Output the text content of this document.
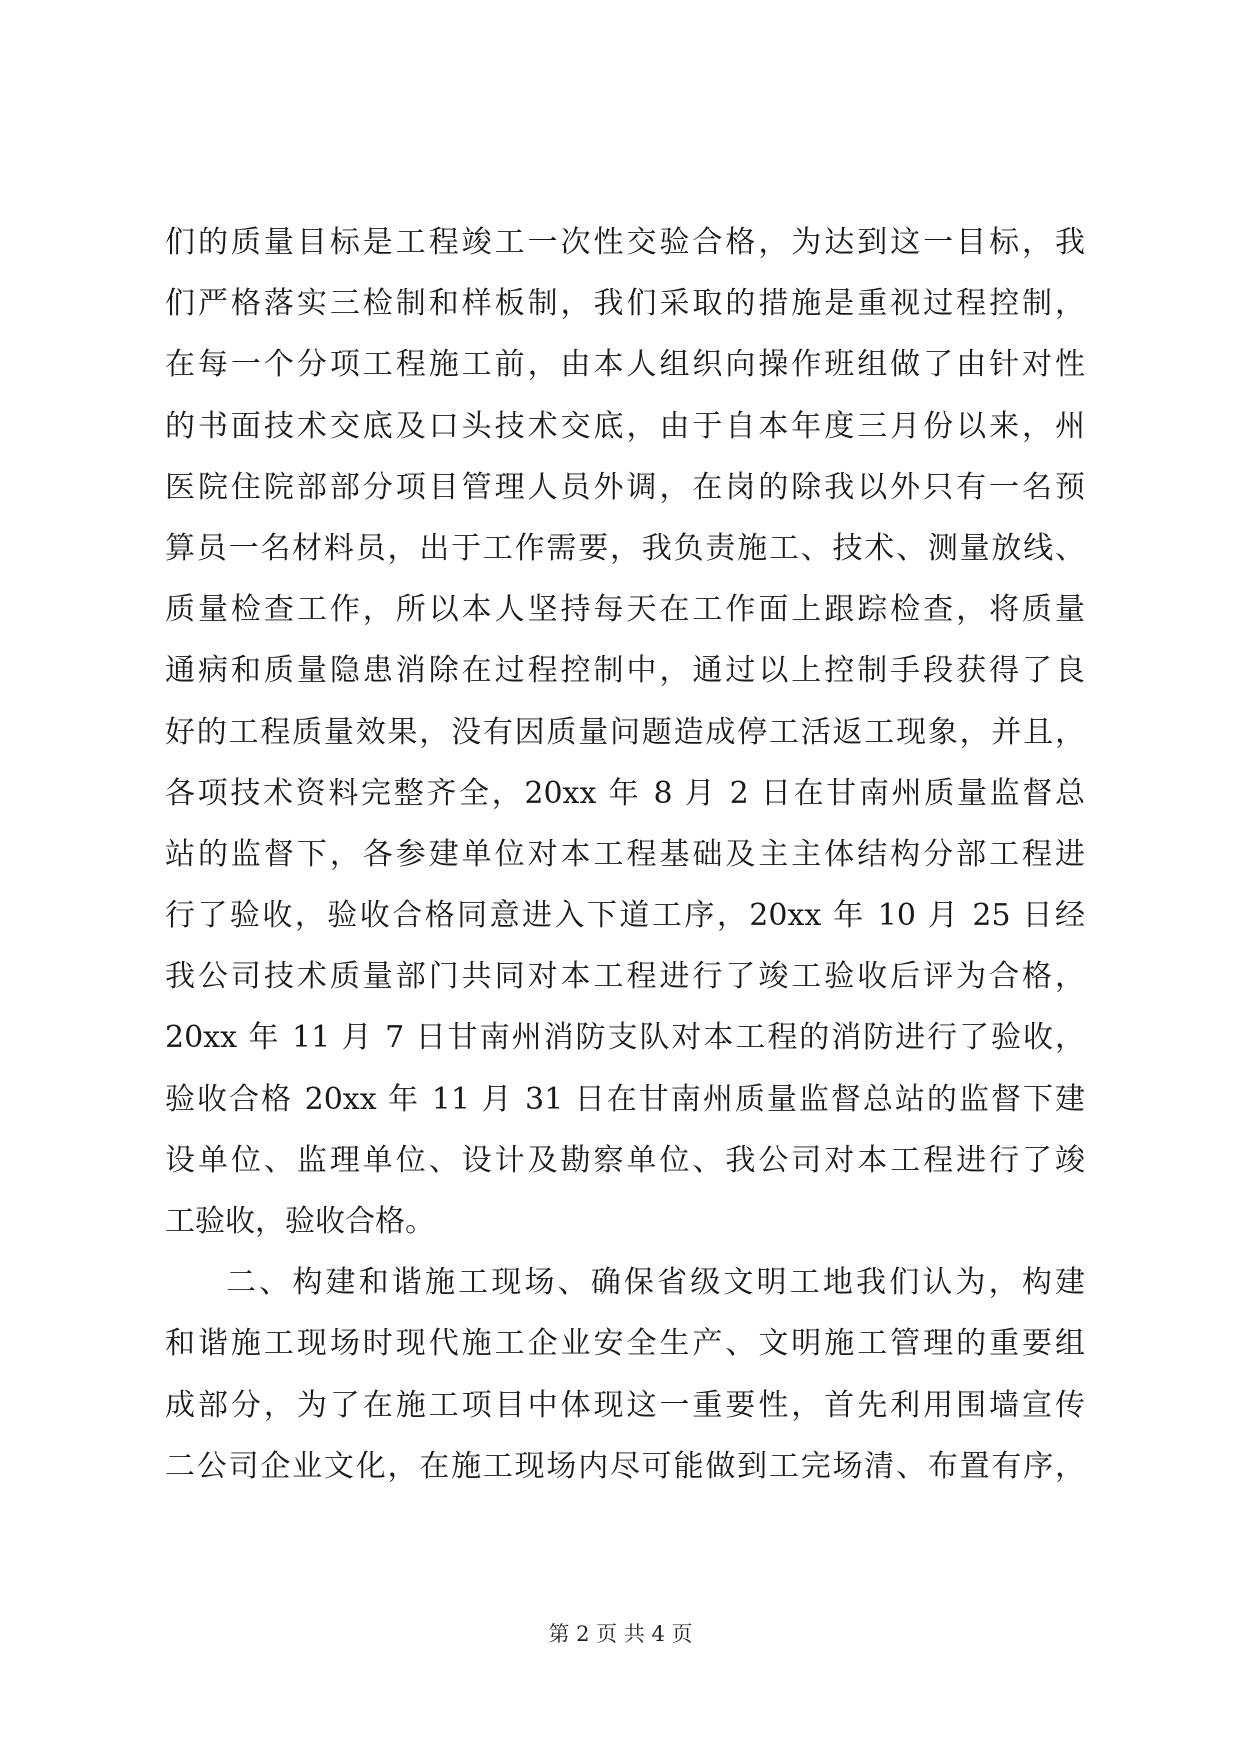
们的质量目标是工程竣工一次性交验合格，为达到这一目标，我
们严格落实三检制和样板制，我们采取的措施是重视过程控制，
在每一个分项工程施工前，由本人组织向操作班组做了由针对性
的书面技术交底及口头技术交底，由于自本年度三月份以来，州
医院住院部部分项目管理人员外调，在岗的除我以外只有一名预
算员一名材料员，出于工作需要，我负责施工、技术、测量放线、
质量检查工作，所以本人坚持每天在工作面上跟踪检查，将质量
通病和质量隐患消除在过程控制中，通过以上控制手段获得了良
好的工程质量效果，没有因质量问题造成停工活返工现象，并且，
各项技术资料完整齐全，20xx 年 8 月 2 日在甘南州质量监督总
站的监督下，各参建单位对本工程基础及主主体结构分部工程进
行了验收，验收合格同意进入下道工序，20xx 年 10 月 25 日经
我公司技术质量部门共同对本工程进行了竣工验收后评为合格，
20xx 年 11 月 7 日甘南州消防支队对本工程的消防进行了验收，
验收合格 20xx 年 11 月 31 日在甘南州质量监督总站的监督下建
设单位、监理单位、设计及勘察单位、我公司对本工程进行了竣
工验收，验收合格。
二、构建和谐施工现场、确保省级文明工地我们认为，构建
和谐施工现场时现代施工企业安全生产、文明施工管理的重要组
成部分，为了在施工项目中体现这一重要性，首先利用围墙宣传
二公司企业文化，在施工现场内尽可能做到工完场清、布置有序，
第 2 页 共 4 页
